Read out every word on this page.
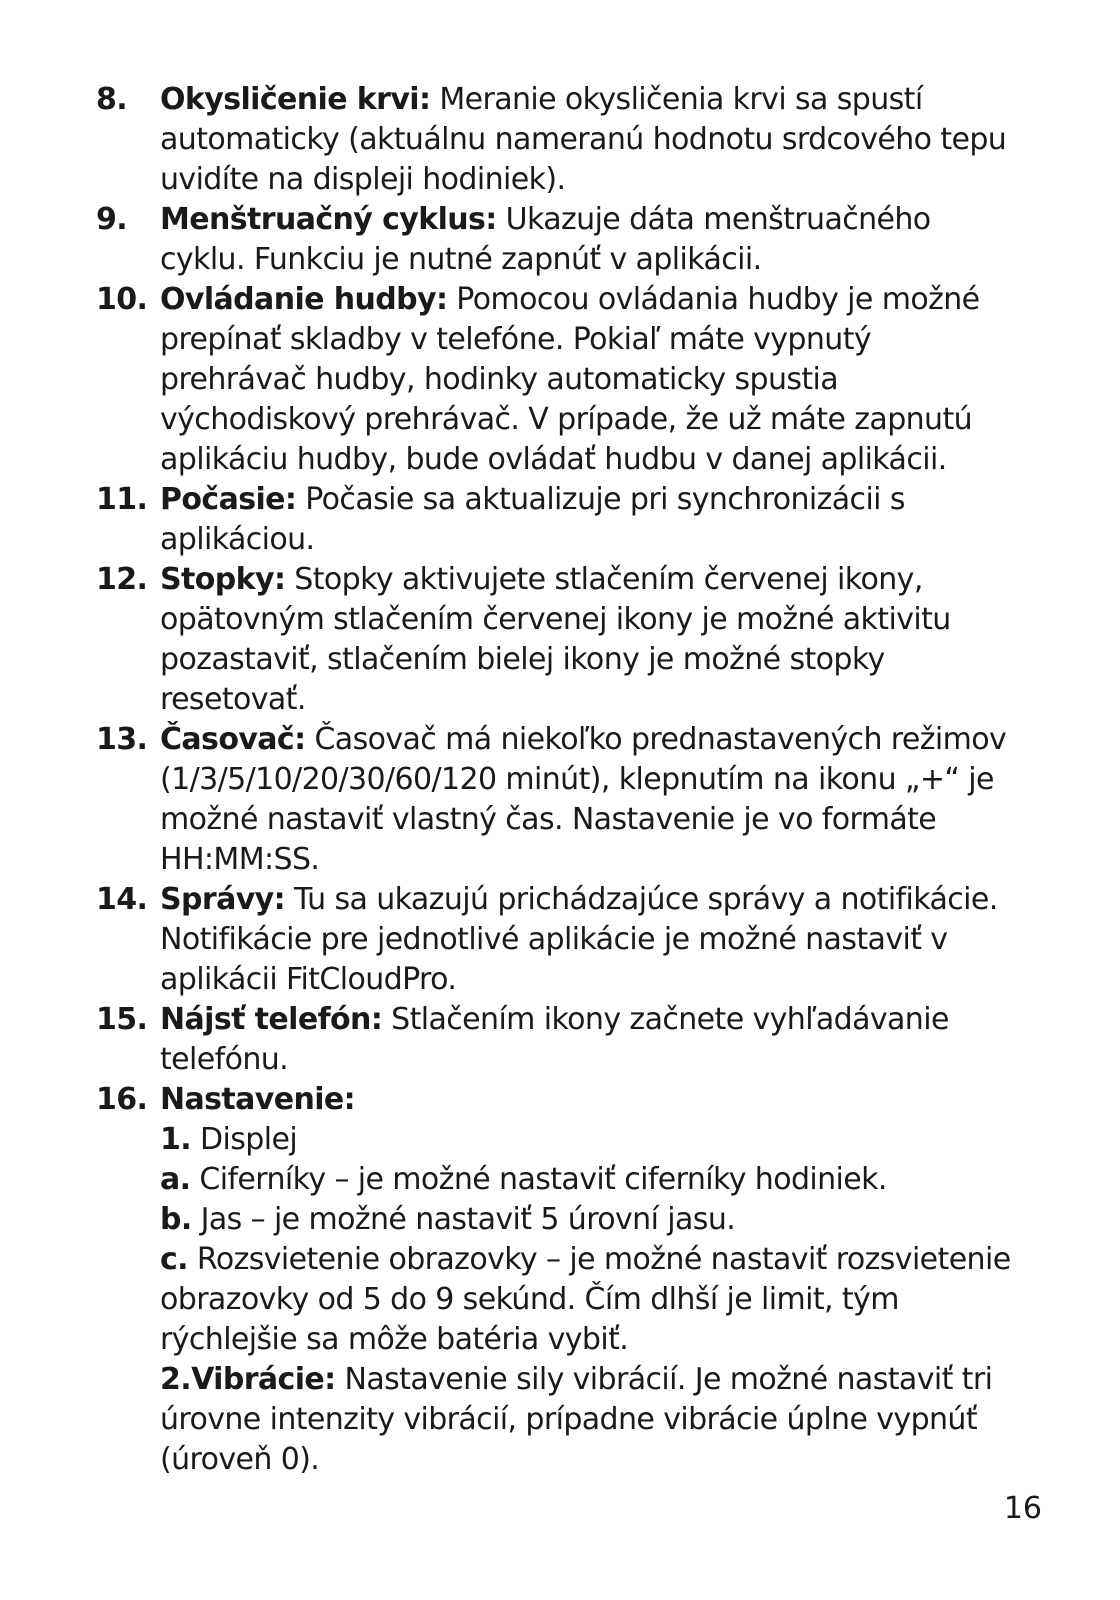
8. Okysličenie krvi: Meranie okysličenia krvi sa spustí automaticky (aktuálnu nameranú hodnotu srdcového tepu uvidíte na displeji hodiniek).
9. Menštruačný cyklus: Ukazuje dáta menštruačného cyklu. Funkciu je nutné zapnúť v aplikácii.
10. Ovládanie hudby: Pomocou ovládania hudby je možné prepínať skladby v telefóne. Pokiaľ máte vypnutý prehrávač hudby, hodinky automaticky spustia východiskový prehrávač. V prípade, že už máte zapnutú aplikáciu hudby, bude ovládať hudbu v danej aplikácii.
11. Počasie: Počasie sa aktualizuje pri synchronizácii s aplikáciou.
12. Stopky: Stopky aktivujete stlačením červenej ikony, opätovným stlačením červenej ikony je možné aktivitu pozastaviť, stlačením bielej ikony je možné stopky resetovať.
13. Časovač: Časovač má niekoľko prednastavených režimov (1/3/5/10/20/30/60/120 minút), klepnutím na ikonu „+“ je možné nastaviť vlastný čas. Nastavenie je vo formáte HH:MM:SS.
14. Správy: Tu sa ukazujú prichádzajúce správy a notifikácie. Notifikácie pre jednotlivé aplikácie je možné nastaviť v aplikácii FitCloudPro.
15. Nájsť telefón: Stlačením ikony začnete vyhľadávanie telefónu.
16. Nastavenie:
1. Displej
a. Ciferníky – je možné nastaviť ciferníky hodiniek.
b. Jas – je možné nastaviť 5 úrovní jasu.
c. Rozsvietenie obrazovky – je možné nastaviť rozsvietenie obrazovky od 5 do 9 sekúnd. Čím dlhší je limit, tým rýchlejšie sa môže batéria vybiť.
2.Vibrácie: Nastavenie sily vibrácií. Je možné nastaviť tri úrovne intenzity vibrácií, prípadne vibrácie úplne vypnúť (úroveň 0).
16
